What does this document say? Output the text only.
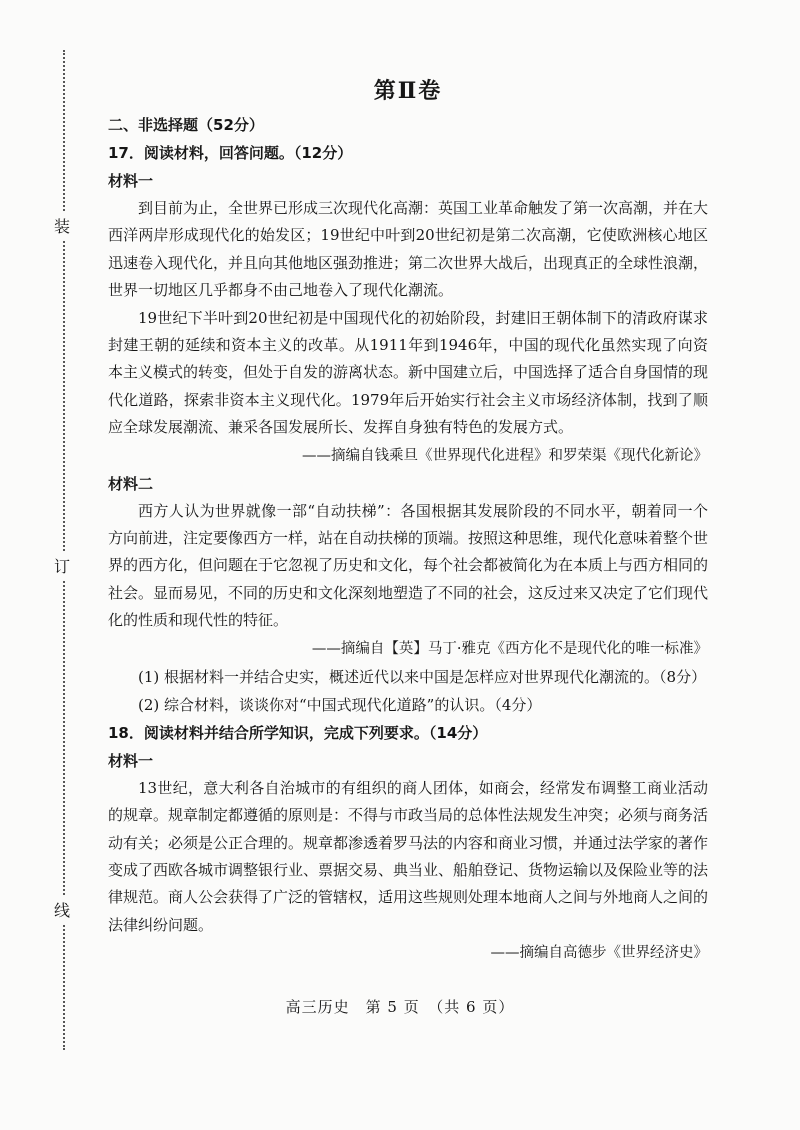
装
订
线
第Ⅱ卷

二、非选择题（52分）

17．阅读材料，回答问题。（12分）

材料一

到目前为止，全世界已形成三次现代化高潮：英国工业革命触发了第一次高潮，并在大西洋两岸形成现代化的始发区；19世纪中叶到20世纪初是第二次高潮，它使欧洲核心地区迅速卷入现代化，并且向其他地区强劲推进；第二次世界大战后，出现真正的全球性浪潮，世界一切地区几乎都身不由己地卷入了现代化潮流。

19世纪下半叶到20世纪初是中国现代化的初始阶段，封建旧王朝体制下的清政府谋求封建王朝的延续和资本主义的改革。从1911年到1946年，中国的现代化虽然实现了向资本主义模式的转变，但处于自发的游离状态。新中国建立后，中国选择了适合自身国情的现代化道路，探索非资本主义现代化。1979年后开始实行社会主义市场经济体制，找到了顺应全球发展潮流、兼采各国发展所长、发挥自身独有特色的发展方式。

——摘编自钱乘旦《世界现代化进程》和罗荣渠《现代化新论》

材料二

西方人认为世界就像一部“自动扶梯”：各国根据其发展阶段的不同水平，朝着同一个方向前进，注定要像西方一样，站在自动扶梯的顶端。按照这种思维，现代化意味着整个世界的西方化，但问题在于它忽视了历史和文化，每个社会都被简化为在本质上与西方相同的社会。显而易见，不同的历史和文化深刻地塑造了不同的社会，这反过来又决定了它们现代化的性质和现代性的特征。

——摘编自【英】马丁·雅克《西方化不是现代化的唯一标准》

(1) 根据材料一并结合史实，概述近代以来中国是怎样应对世界现代化潮流的。（8分）

(2) 综合材料，谈谈你对“中国式现代化道路”的认识。（4分）

18．阅读材料并结合所学知识，完成下列要求。（14分）

材料一

13世纪，意大利各自治城市的有组织的商人团体，如商会，经常发布调整工商业活动的规章。规章制定都遵循的原则是：不得与市政当局的总体性法规发生冲突；必须与商务活动有关；必须是公正合理的。规章都渗透着罗马法的内容和商业习惯，并通过法学家的著作变成了西欧各城市调整银行业、票据交易、典当业、船舶登记、货物运输以及保险业等的法律规范。商人公会获得了广泛的管辖权，适用这些规则处理本地商人之间与外地商人之间的法律纠纷问题。

——摘编自高德步《世界经济史》

高三历史　第 5 页　（共 6 页）
